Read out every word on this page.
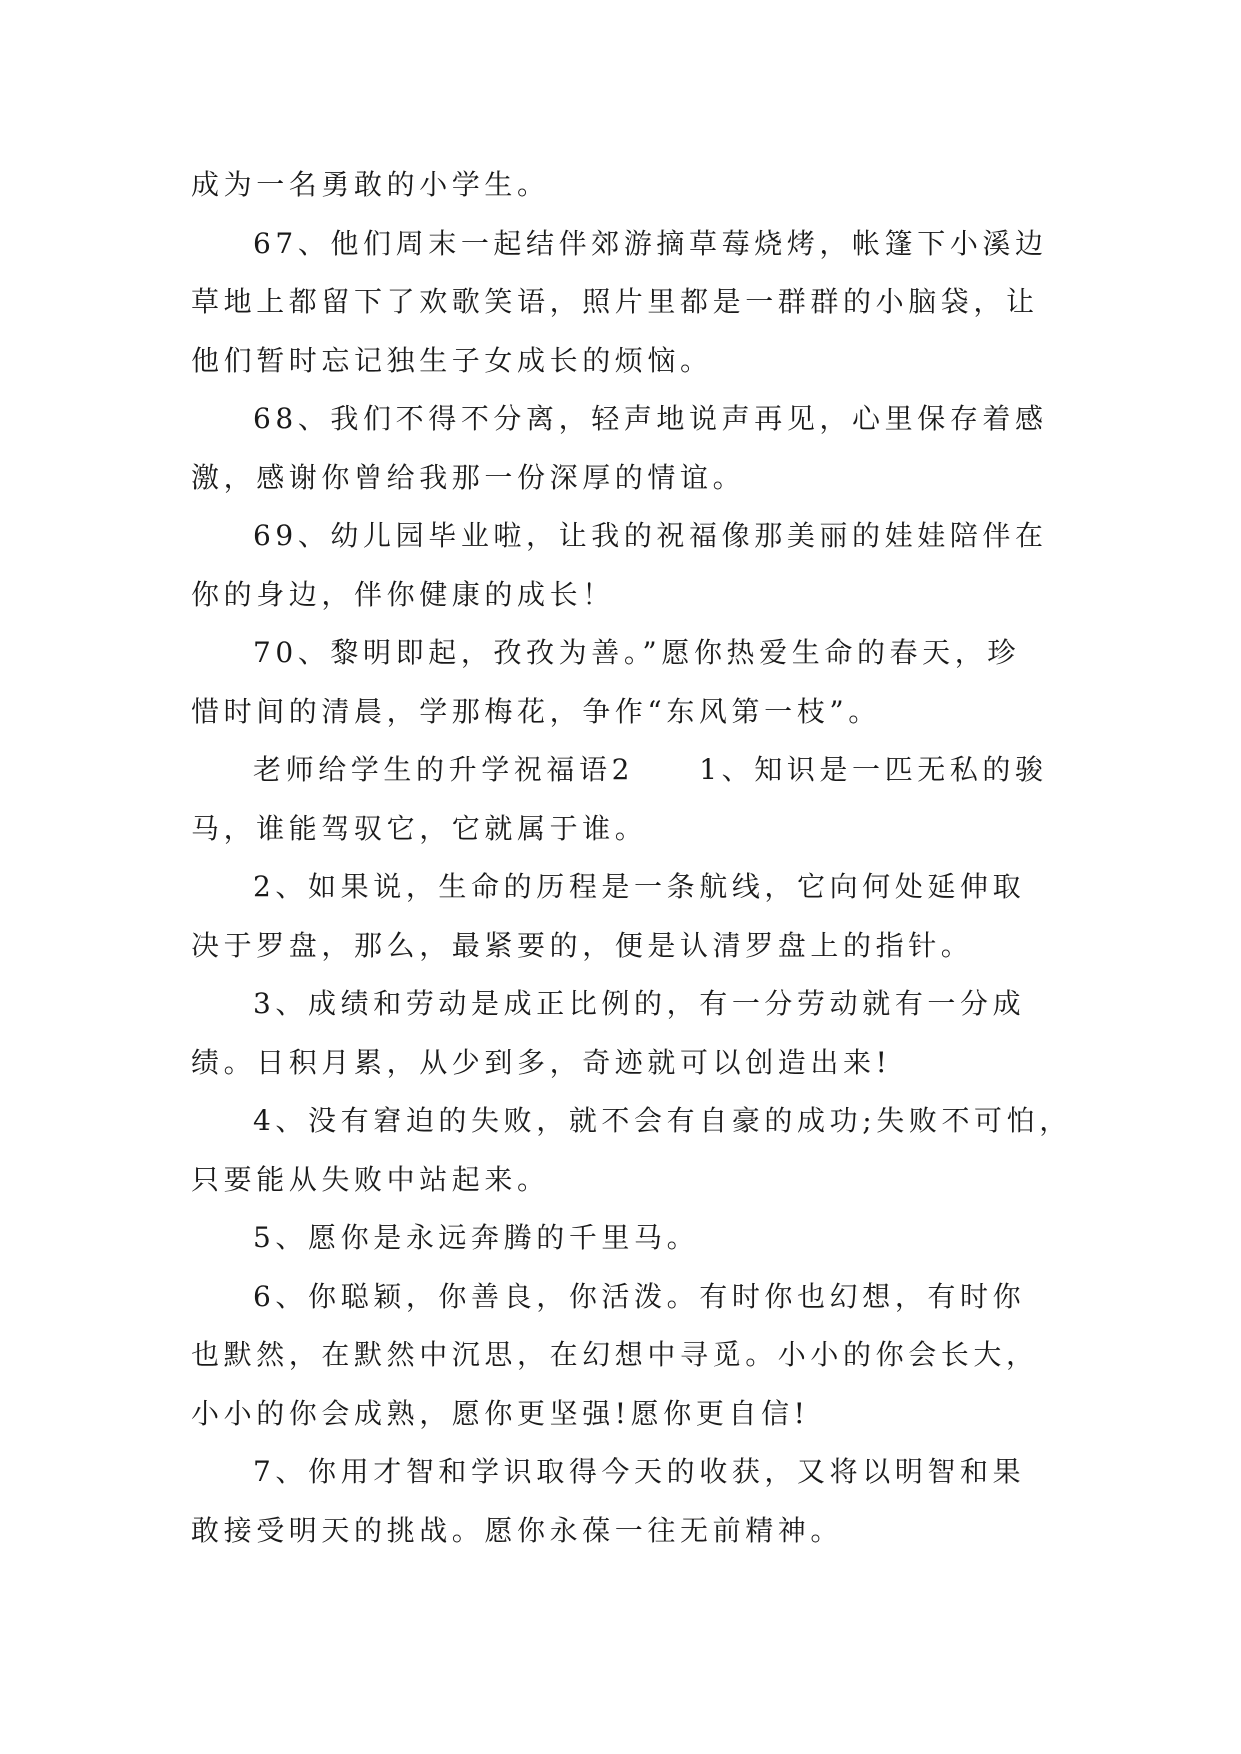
成为一名勇敢的小学生。
67、他们周末一起结伴郊游摘草莓烧烤，帐篷下小溪边
草地上都留下了欢歌笑语，照片里都是一群群的小脑袋，让
他们暂时忘记独生子女成长的烦恼。
68、我们不得不分离，轻声地说声再见，心里保存着感
激，感谢你曾给我那一份深厚的情谊。
69、幼儿园毕业啦，让我的祝福像那美丽的娃娃陪伴在
你的身边，伴你健康的成长！
70、黎明即起，孜孜为善。”愿你热爱生命的春天，珍
惜时间的清晨，学那梅花，争作“东风第一枝”。
老师给学生的升学祝福语2　　1、知识是一匹无私的骏
马，谁能驾驭它，它就属于谁。
2、如果说，生命的历程是一条航线，它向何处延伸取
决于罗盘，那么，最紧要的，便是认清罗盘上的指针。
3、成绩和劳动是成正比例的，有一分劳动就有一分成
绩。日积月累，从少到多，奇迹就可以创造出来!
4、没有窘迫的失败，就不会有自豪的成功;失败不可怕，
只要能从失败中站起来。
5、愿你是永远奔腾的千里马。
6、你聪颖，你善良，你活泼。有时你也幻想，有时你
也默然，在默然中沉思，在幻想中寻觅。小小的你会长大，
小小的你会成熟，愿你更坚强!愿你更自信!
7、你用才智和学识取得今天的收获，又将以明智和果
敢接受明天的挑战。愿你永葆一往无前精神。
